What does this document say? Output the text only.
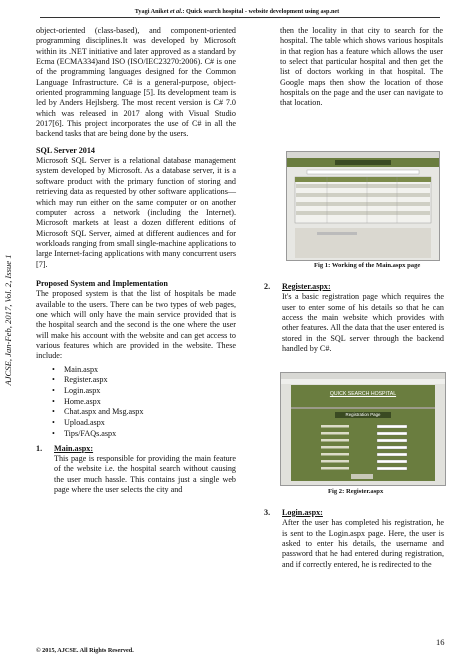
Tyagi Aniket et al.: Quick search hospital - website development using asp.net
AJCSE, Jan-Feb, 2017, Vol. 2, Issue 1

object-oriented (class-based), and component-oriented programming disciplines.It was developed by Microsoft within its .NET initiative and later approved as a standard by Ecma (ECMA334)and ISO (ISO/IEC23270:2006). C# is one of the programming languages designed for the Common Language Infrastructure. C# is a general-purpose, object-oriented programming language [5]. Its development team is led by Anders Hejlsberg. The most recent version is C# 7.0 which was released in 2017 along with Visual Studio 2017[6]. This project incorporates the use of C# in all the backend tasks that are being done by the users.

SQL Server 2014

Microsoft SQL Server is a relational database management system developed by Microsoft. As a database server, it is a software product with the primary function of storing and retrieving data as requested by other software applications—which may run either on the same computer or on another computer across a network (including the Internet). Microsoft markets at least a dozen different editions of Microsoft SQL Server, aimed at different audiences and for workloads ranging from small single-machine applications to large Internet-facing applications with many concurrent users [7].

Proposed System and Implementation

The proposed system is that the list of hospitals be made available to the users. There can be two types of web pages, one which will only have the main service provided that is the hospital search and the second is the one where the user will make his account with the website and can get access to various features which are provided in the website. These include:

• Main.aspx
• Register.aspx
• Login.aspx
• Home.aspx
• Chat.aspx and Msg.aspx
• Upload.aspx
• Tips/FAQs.aspx
1. Main.aspx:

This page is responsible for providing the main feature of the website i.e. the hospital search without causing the user much hassle. This contains just a single web page where the user selects the city and

then the locality in that city to search for the hospital. The table which shows various hospitals in that region has a feature which allows the user to select that particular hospital and then get the list of doctors working in that hospital. The Google maps then show the location of those hospitals on the page and the user can navigate to that location.

Fig 1: Working of the Main.aspx page
2. Register.aspx:

It's a basic registration page which requires the user to enter some of his details so that he can access the main website which provides with other features. All the data that the user entered is stored in the SQL server through the backend handled by C#.

QUICK SEARCH HOSPITAL
Registration Page
Fig 2: Register.aspx
3. Login.aspx:

After the user has completed his registration, he is sent to the Login.aspx page. Here, the user is asked to enter his details, the username and password that he had entered during registration, and if correctly entered, he is redirected to the

16
© 2015, AJCSE. All Rights Reserved.
